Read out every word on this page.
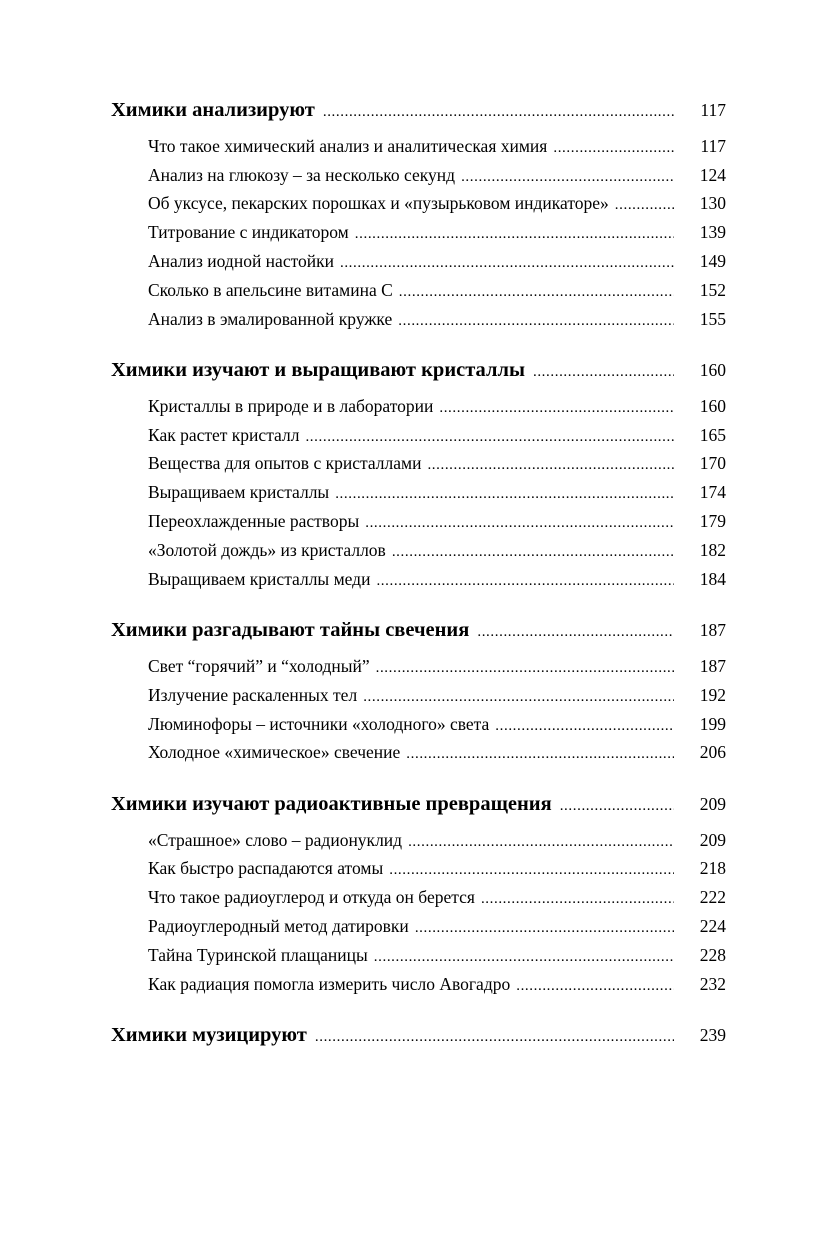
Химики анализируют .....	117
Что такое химический анализ и аналитическая химия .....	117
Анализ на глюкозу – за несколько секунд .....	124
Об уксусе, пекарских порошках и «пузырьковом индикаторе» .....	130
Титрование с индикатором .....	139
Анализ иодной настойки .....	149
Сколько в апельсине витамина С .....	152
Анализ в эмалированной кружке .....	155
Химики изучают и выращивают кристаллы .....	160
Кристаллы в природе и в лаборатории .....	160
Как растет кристалл .....	165
Вещества для опытов с кристаллами .....	170
Выращиваем кристаллы .....	174
Переохлажденные растворы .....	179
«Золотой дождь» из кристаллов .....	182
Выращиваем кристаллы меди .....	184
Химики разгадывают тайны свечения .....	187
Свет “горячий” и “холодный” .....	187
Излучение раскаленных тел .....	192
Люминофоры – источники «холодного» света .....	199
Холодное «химическое» свечение .....	206
Химики изучают радиоактивные превращения .....	209
«Страшное» слово – радионуклид .....	209
Как быстро распадаются атомы .....	218
Что такое радиоуглерод и откуда он берется .....	222
Радиоуглеродный метод датировки .....	224
Тайна Туринской плащаницы .....	228
Как радиация помогла измерить число Авогадро .....	232
Химики музицируют .....	239
